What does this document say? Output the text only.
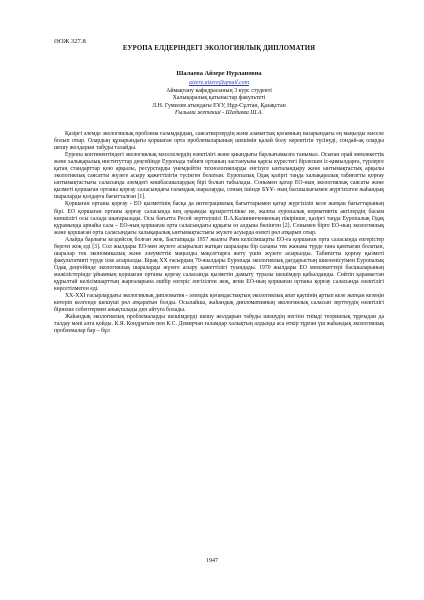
ӘОЖ 327.8
ЕУРОПА ЕЛДЕРІНДЕГІ ЭКОЛОГИЯЛЫҚ ДИПЛОМАТИЯ
Шалаева Айзере Нурлановна
aizere.aizere@gmail.com
Аймақтану кафедрасының 3 курс студенті
Халықаралық қатынастар факультеті
Л.Н. Гумилев атындағы ЕҰУ, Нұр-Сұлтан, Қазақстан
Ғылыми жетекші - Шадиева Ш.А.

Қазіргі әлемде экологиялық проблема ғаламдардың, саясаткерлердің және азаматтық қоғамның назарындағы ең маңызды мәселе болып отыр. Олардың құзырындағы қоршаған орта проблемаларының шешімін қалай болу керектігін түсінуді, сондай-ақ оларды шешу жолдарын табуды талайды.

Еуропа континентіндегі экологиялық мәселелердің өзектілігі және қиындығы барлығымызға танымал. Осыған орай мемлекеттік және халықаралық институттар деңгейінде Еуропада табиғи ортаның ластануына қарсы күрестегі бірлескен іс-қимылдарға, түрлерге қатаң стандарттар қою арқылы, ресурстарды үнемдейтін технологияларды енгізуге ынталандыру және ынтымақтастық арқылы экологиялық саясатты жүзеге асыру қажеттілігін түсінген болатын. Еуропалық Одақ қазіргі таңда халықаралық табиғатты қорғау ынтымақтастығы саласында әлемдегі көшбасшылардың бірі болып табылады. Сонымен қатар ЕО-ның экологиялық саясаты және қызметі қоршаған ортаны қорғау саласындағы ғаламдық шараларды, соның ішінде БҰҰ- ның басшылығымен жүргізілген жаһандық шараларды қолдауға бағытталған [1].

Қоршаған ортаны қорғау - ЕО қызметінің басқа да интеграциялық бағыттарымен қатар жүргізіліп келе жатқан бағыттарының бірі. ЕО қоршаған ортаны қорғау саласында кең ауқымды құзыреттілікке ие, жалпы еуропалық нормативтік актілердің басым көпшілігі осы салада шығарылады. Осы бағытта Ресей зерттеушісі П.А.Калининченконың пікірінше, қазіргі таңда Еуропалық Одақ құрамында арнайы сала – ЕО-ның қоршаған орта саласындағы құқығы өз алдына бөлінген [2]. Сонымен бірге ЕО-ның экологиялық және қоршаған орта саласындағы халықаралық ынтымақтастығы жүзеге асуырда өзекті рөл атқарып отыр.

Алайда барлығы кездейсоқ болған жоқ. Бастапқыда 1957 жылғы Рим келісімшарты ЕО-ға қоршаған орта саласында өзгерістер берген жоқ еді [3]. Сол жылдары ЕО-мен жүзеге асырылып жатқан шаралары бір саланы тек жанама түрде ғана қамтыған болатын, шаралар тек экономикалық және әлеуметтік маңызды мақсаттарға жету үшін жүзеге асырылды. Табиғатты қорғау қызметі факультативті түрде іске асырылды. Бірақ XX ғасырдың 70-жылдары Еуропада экологиялық дағдарыстың шиеленісуімен Еуропалық Одақ деңгейінде экологиялық шараларды жүзеге асыру қажеттілігі туындады. 1970 жылдары ЕО мемлекеттері басшыларының мәжілістерінде ұйымның қоршаған ортаны қорғау саласында қызметін дамыту туралы шешімдер қабылданды. Сөйтіп қарамастан құрылтай келісімшарттың жарғаларына ешбір өзгеріс енгізілген жоқ, яғни ЕО-ның қоршаған ортаны қорғау саласында өзектілігі көрсетілмеген еді.

XX-XXI ғасырлардағы экологиялық дипломатия - әлемдік қоғамдастықтың экологиялық апат қаупінің артып келе жатқан кезеңін көтеріп келгенде шешуші рөл атқаратын болды. Осылайша, жаһандық дипломатияның экологиялық саласын зерттеудің өзектілігі бірнеше себептермен анықталады деп айтуға болады.

Жаһандық экологиялық проблемаларды шешімдерді шешу жолдарын табуды шешудің негізін тиімді теориялық тұрғыдан да талдау мәні алға қойды. К.Я. Кондратьев пен К.С. Демирчан ғаламдар халықтың алдында аса өткір тұрған үш жаһандық экологиялық проблемалар бар – бұл

1947
